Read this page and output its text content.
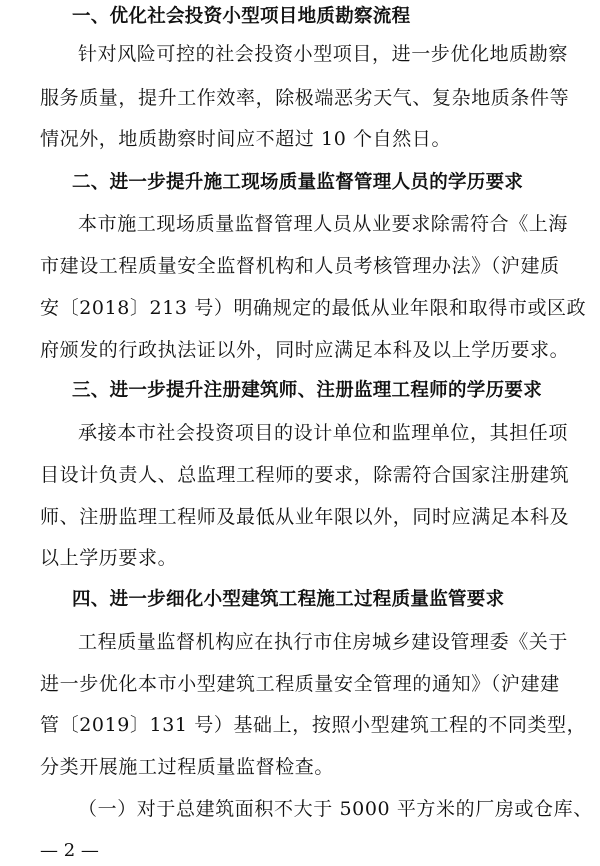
一、优化社会投资小型项目地质勘察流程
针对风险可控的社会投资小型项目，进一步优化地质勘察
服务质量，提升工作效率，除极端恶劣天气、复杂地质条件等
情况外，地质勘察时间应不超过 10 个自然日。
二、进一步提升施工现场质量监督管理人员的学历要求
本市施工现场质量监督管理人员从业要求除需符合《上海
市建设工程质量安全监督机构和人员考核管理办法》（沪建质
安〔2018〕213 号）明确规定的最低从业年限和取得市或区政
府颁发的行政执法证以外，同时应满足本科及以上学历要求。
三、进一步提升注册建筑师、注册监理工程师的学历要求
承接本市社会投资项目的设计单位和监理单位，其担任项
目设计负责人、总监理工程师的要求，除需符合国家注册建筑
师、注册监理工程师及最低从业年限以外，同时应满足本科及
以上学历要求。
四、进一步细化小型建筑工程施工过程质量监管要求
工程质量监督机构应在执行市住房城乡建设管理委《关于
进一步优化本市小型建筑工程质量安全管理的通知》（沪建建
管〔2019〕131 号）基础上，按照小型建筑工程的不同类型，
分类开展施工过程质量监督检查。
（一）对于总建筑面积不大于 5000 平方米的厂房或仓库、
— 2 —
